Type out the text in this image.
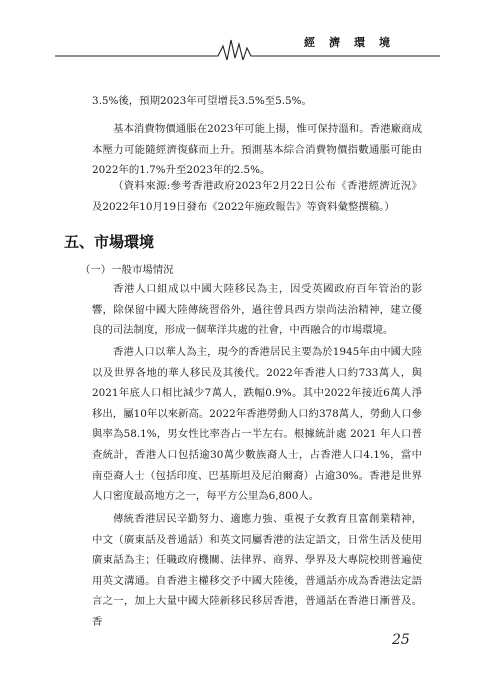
經濟環境
3.5%後，預期2023年可望增長3.5%至5.5%。
基本消費物價通脹在2023年可能上揚，惟可保持溫和。香港廠商成本壓力可能隨經濟復蘇而上升。預測基本綜合消費物價指數通脹可能由2022年的1.7%升至2023年的2.5%。
（資料來源:參考香港政府2023年2月22日公布《香港經濟近況》及2022年10月19日發布《2022年施政報告》等資料彙整撰稿。）
五、市場環境
（一）一般市場情況
香港人口組成以中國大陸移民為主，因受英國政府百年管治的影響，除保留中國大陸傳統習俗外，過往曾具西方崇尚法治精神，建立優良的司法制度，形成一個華洋共處的社會，中西融合的市場環境。
香港人口以華人為主，現今的香港居民主要為於1945年由中國大陸以及世界各地的華人移民及其後代。2022年香港人口約733萬人，與2021年底人口相比減少7萬人，跌幅0.9%。其中2022年接近6萬人淨移出，屬10年以來新高。2022年香港勞動人口約378萬人，勞動人口參與率為58.1%，男女性比率呇占一半左右。根據統計處 2021 年人口普查統計，香港人口包括逾30萬少數族裔人士，占香港人口4.1%，當中南亞裔人士（包括印度、巴基斯坦及尼泊爾裔）占逾30%。香港是世界人口密度最高地方之一，每平方公里為6,800人。
傳統香港居民辛勤努力、適應力強、重視子女教育且富創業精神，中文（廣東話及普通話）和英文同屬香港的法定語文，日常生活及使用廣東話為主；任職政府機關、法律界、商界、學界及大專院校則普遍使用英文溝通。自香港主權移交予中國大陸後，普通話亦成為香港法定語言之一，加上大量中國大陸新移民移居香港，普通話在香港日漸普及。香
25
